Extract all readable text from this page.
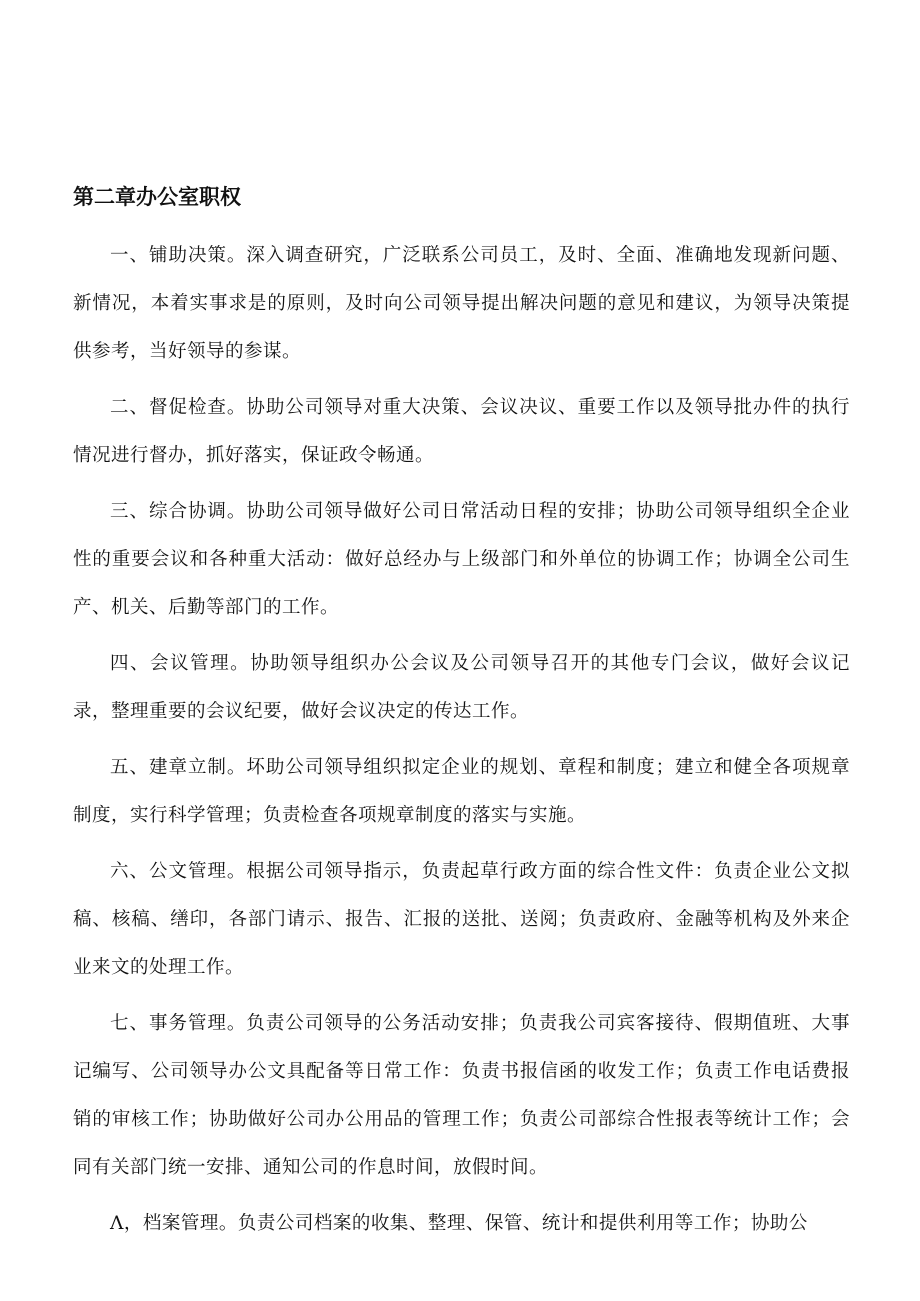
第二章办公室职权

一、铺助决策。深入调查研究，广泛联系公司员工，及时、全面、准确地发现新问题、新情况，本着实事求是的原则，及时向公司领导提出解决问题的意见和建议，为领导决策提供参考，当好领导的参谋。

二、督促检查。协助公司领导对重大决策、会议决议、重要工作以及领导批办件的执行情况进行督办，抓好落实，保证政令畅通。

三、综合协调。协助公司领导做好公司日常活动日程的安排；协助公司领导组织全企业性的重要会议和各种重大活动：做好总经办与上级部门和外单位的协调工作；协调全公司生产、机关、后勤等部门的工作。

四、会议管理。协助领导组织办公会议及公司领导召开的其他专门会议，做好会议记录，整理重要的会议纪要，做好会议决定的传达工作。

五、建章立制。坏助公司领导组织拟定企业的规划、章程和制度；建立和健全各项规章制度，实行科学管理；负责检查各项规章制度的落实与实施。

六、公文管理。根据公司领导指示，负责起草行政方面的综合性文件：负责企业公文拟稿、核稿、缮印，各部门请示、报告、汇报的送批、送阅；负责政府、金融等机构及外来企业来文的处理工作。

七、事务管理。负责公司领导的公务活动安排；负责我公司宾客接待、假期值班、大事记编写、公司领导办公文具配备等日常工作：负责书报信函的收发工作；负责工作电话费报销的审核工作；协助做好公司办公用品的管理工作；负责公司部综合性报表等统计工作；会同有关部门统一安排、通知公司的作息时间，放假时间。

Λ，档案管理。负责公司档案的收集、整理、保管、统计和提供利用等工作；协助公
